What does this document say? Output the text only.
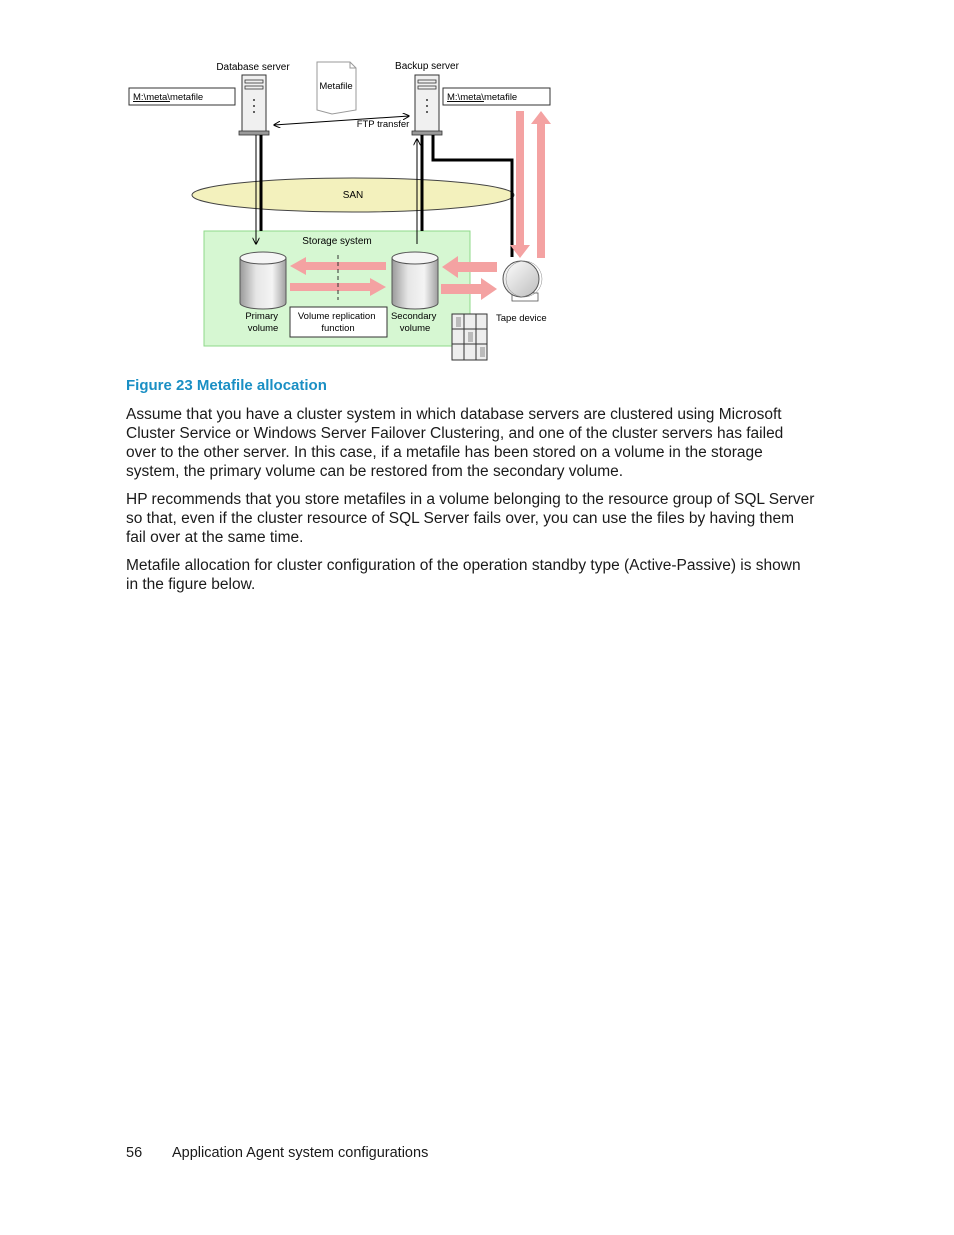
Storage system
SAN
Database server	Backup server
M:\meta\metafile	M:\meta\metafile
Metafile
FTP transfer
Tape device
Primary volume
Secondary volume
Volume replication function
Figure 23 Metafile allocation

Assume that you have a cluster system in which database servers are clustered using Microsoft Cluster Service or Windows Server Failover Clustering, and one of the cluster servers has failed over to the other server. In this case, if a metafile has been stored on a volume in the storage system, the primary volume can be restored from the secondary volume.

HP recommends that you store metafiles in a volume belonging to the resource group of SQL Server so that, even if the cluster resource of SQL Server fails over, you can use the files by having them fail over at the same time.

Metafile allocation for cluster configuration of the operation standby type (Active-Passive) is shown in the figure below.

56 Application Agent system configurations
